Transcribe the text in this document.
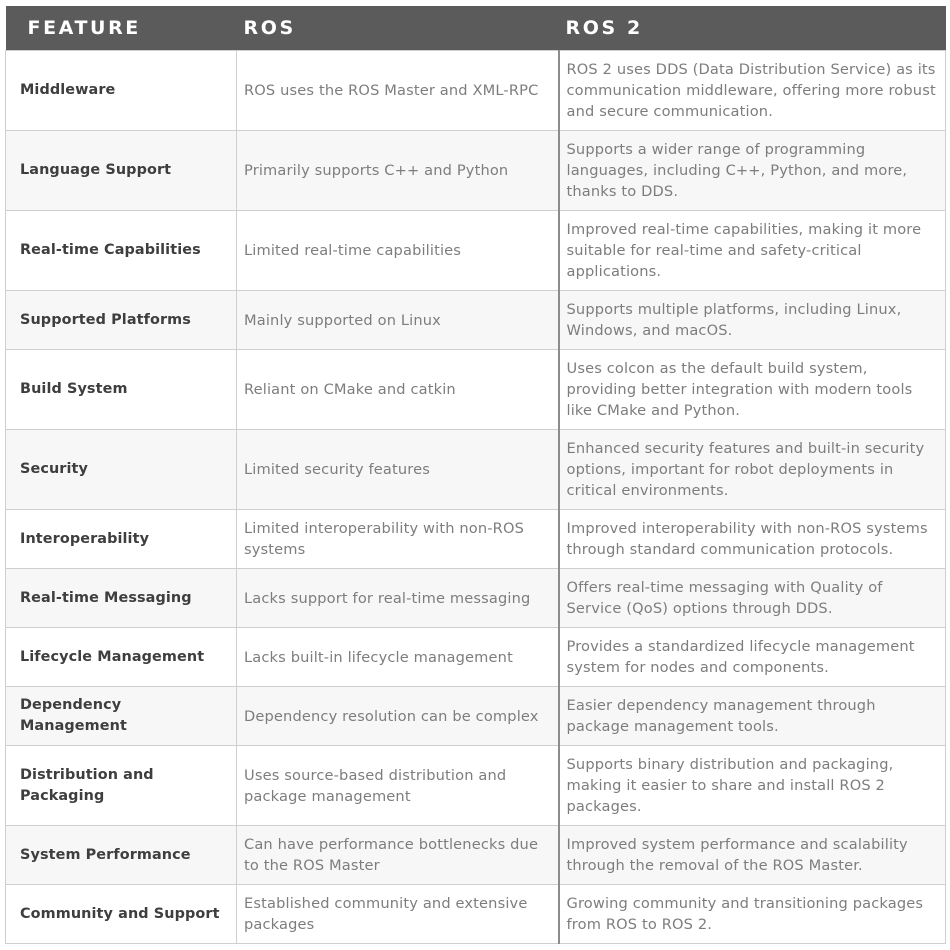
FEATURE	ROS	ROS 2
Middleware	ROS uses the ROS Master and XML-RPC	ROS 2 uses DDS (Data Distribution Service) as its communication middleware, offering more robust and secure communication.
Language Support	Primarily supports C++ and Python	Supports a wider range of programming languages, including C++, Python, and more, thanks to DDS.
Real-time Capabilities	Limited real-time capabilities	Improved real-time capabilities, making it more suitable for real-time and safety-critical applications.
Supported Platforms	Mainly supported on Linux	Supports multiple platforms, including Linux, Windows, and macOS.
Build System	Reliant on CMake and catkin	Uses colcon as the default build system, providing better integration with modern tools like CMake and Python.
Security	Limited security features	Enhanced security features and built-in security options, important for robot deployments in critical environments.
Interoperability	Limited interoperability with non-ROS systems	Improved interoperability with non-ROS systems through standard communication protocols.
Real-time Messaging	Lacks support for real-time messaging	Offers real-time messaging with Quality of Service (QoS) options through DDS.
Lifecycle Management	Lacks built-in lifecycle management	Provides a standardized lifecycle management system for nodes and components.
Dependency Management	Dependency resolution can be complex	Easier dependency management through package management tools.
Distribution and Packaging	Uses source-based distribution and package management	Supports binary distribution and packaging, making it easier to share and install ROS 2 packages.
System Performance	Can have performance bottlenecks due to the ROS Master	Improved system performance and scalability through the removal of the ROS Master.
Community and Support	Established community and extensive packages	Growing community and transitioning packages from ROS to ROS 2.
